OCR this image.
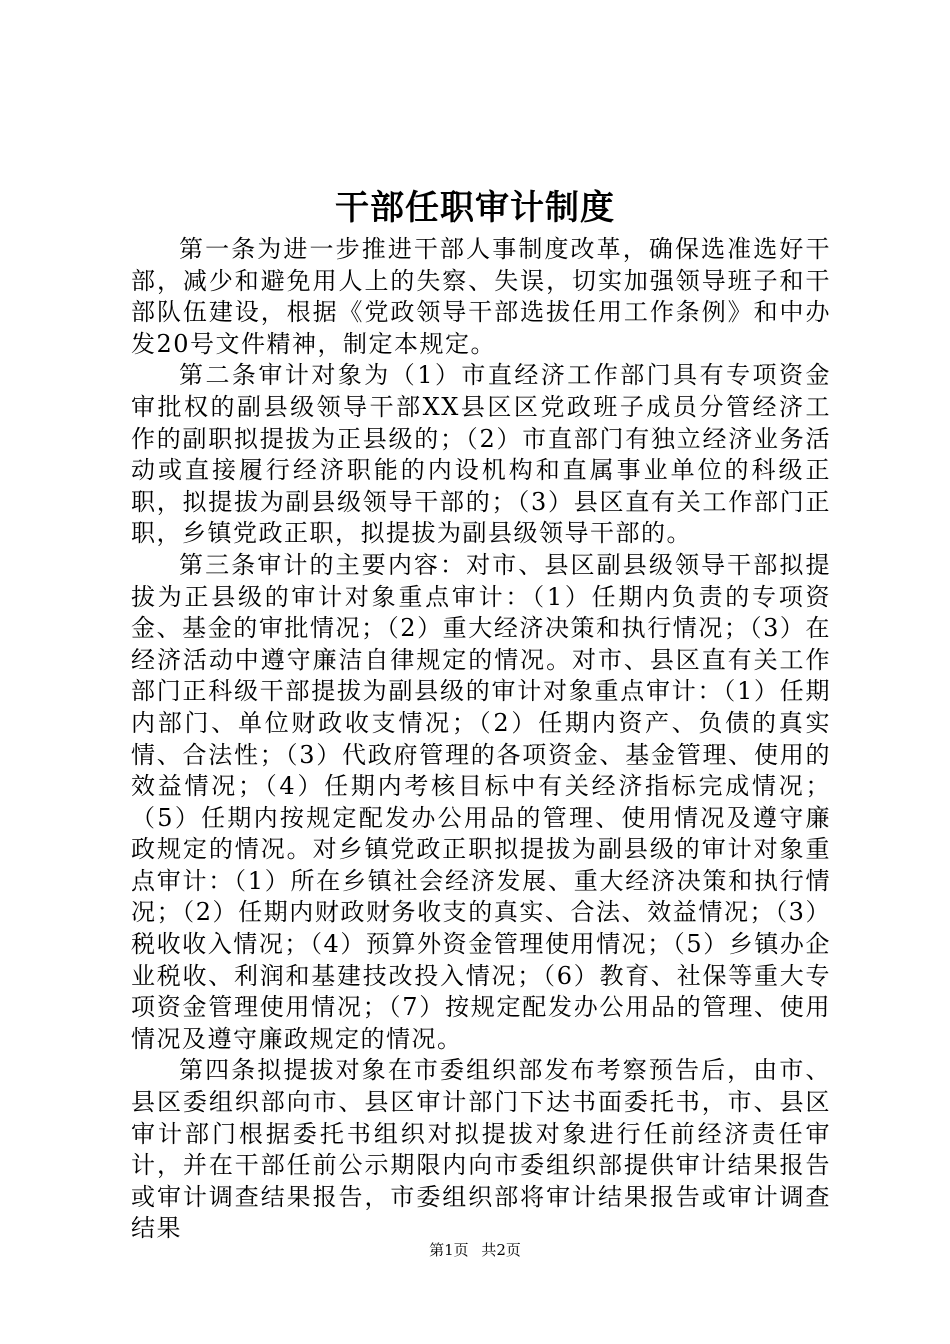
干部任职审计制度

第一条为进一步推进干部人事制度改革，确保选准选好干部，减少和避免用人上的失察、失误，切实加强领导班子和干部队伍建设，根据《党政领导干部选拔任用工作条例》和中办发20号文件精神，制定本规定。

第二条审计对象为（1）市直经济工作部门具有专项资金审批权的副县级领导干部XX县区区党政班子成员分管经济工作的副职拟提拔为正县级的；（2）市直部门有独立经济业务活动或直接履行经济职能的内设机构和直属事业单位的科级正职，拟提拔为副县级领导干部的；（3）县区直有关工作部门正职，乡镇党政正职，拟提拔为副县级领导干部的。

第三条审计的主要内容：对市、县区副县级领导干部拟提拔为正县级的审计对象重点审计：（1）任期内负责的专项资金、基金的审批情况；（2）重大经济决策和执行情况；（3）在经济活动中遵守廉洁自律规定的情况。对市、县区直有关工作部门正科级干部提拔为副县级的审计对象重点审计：（1）任期内部门、单位财政收支情况；（2）任期内资产、负债的真实情、合法性；（3）代政府管理的各项资金、基金管理、使用的效益情况；（4）任期内考核目标中有关经济指标完成情况；（5）任期内按规定配发办公用品的管理、使用情况及遵守廉政规定的情况。对乡镇党政正职拟提拔为副县级的审计对象重点审计：（1）所在乡镇社会经济发展、重大经济决策和执行情况；（2）任期内财政财务收支的真实、合法、效益情况；（3）税收收入情况；（4）预算外资金管理使用情况；（5）乡镇办企业税收、利润和基建技改投入情况；（6）教育、社保等重大专项资金管理使用情况；（7）按规定配发办公用品的管理、使用情况及遵守廉政规定的情况。

第四条拟提拔对象在市委组织部发布考察预告后，由市、县区委组织部向市、县区审计部门下达书面委托书，市、县区审计部门根据委托书组织对拟提拔对象进行任前经济责任审计，并在干部任前公示期限内向市委组织部提供审计结果报告或审计调查结果报告，市委组织部将审计结果报告或审计调查结果

第1页 共2页
